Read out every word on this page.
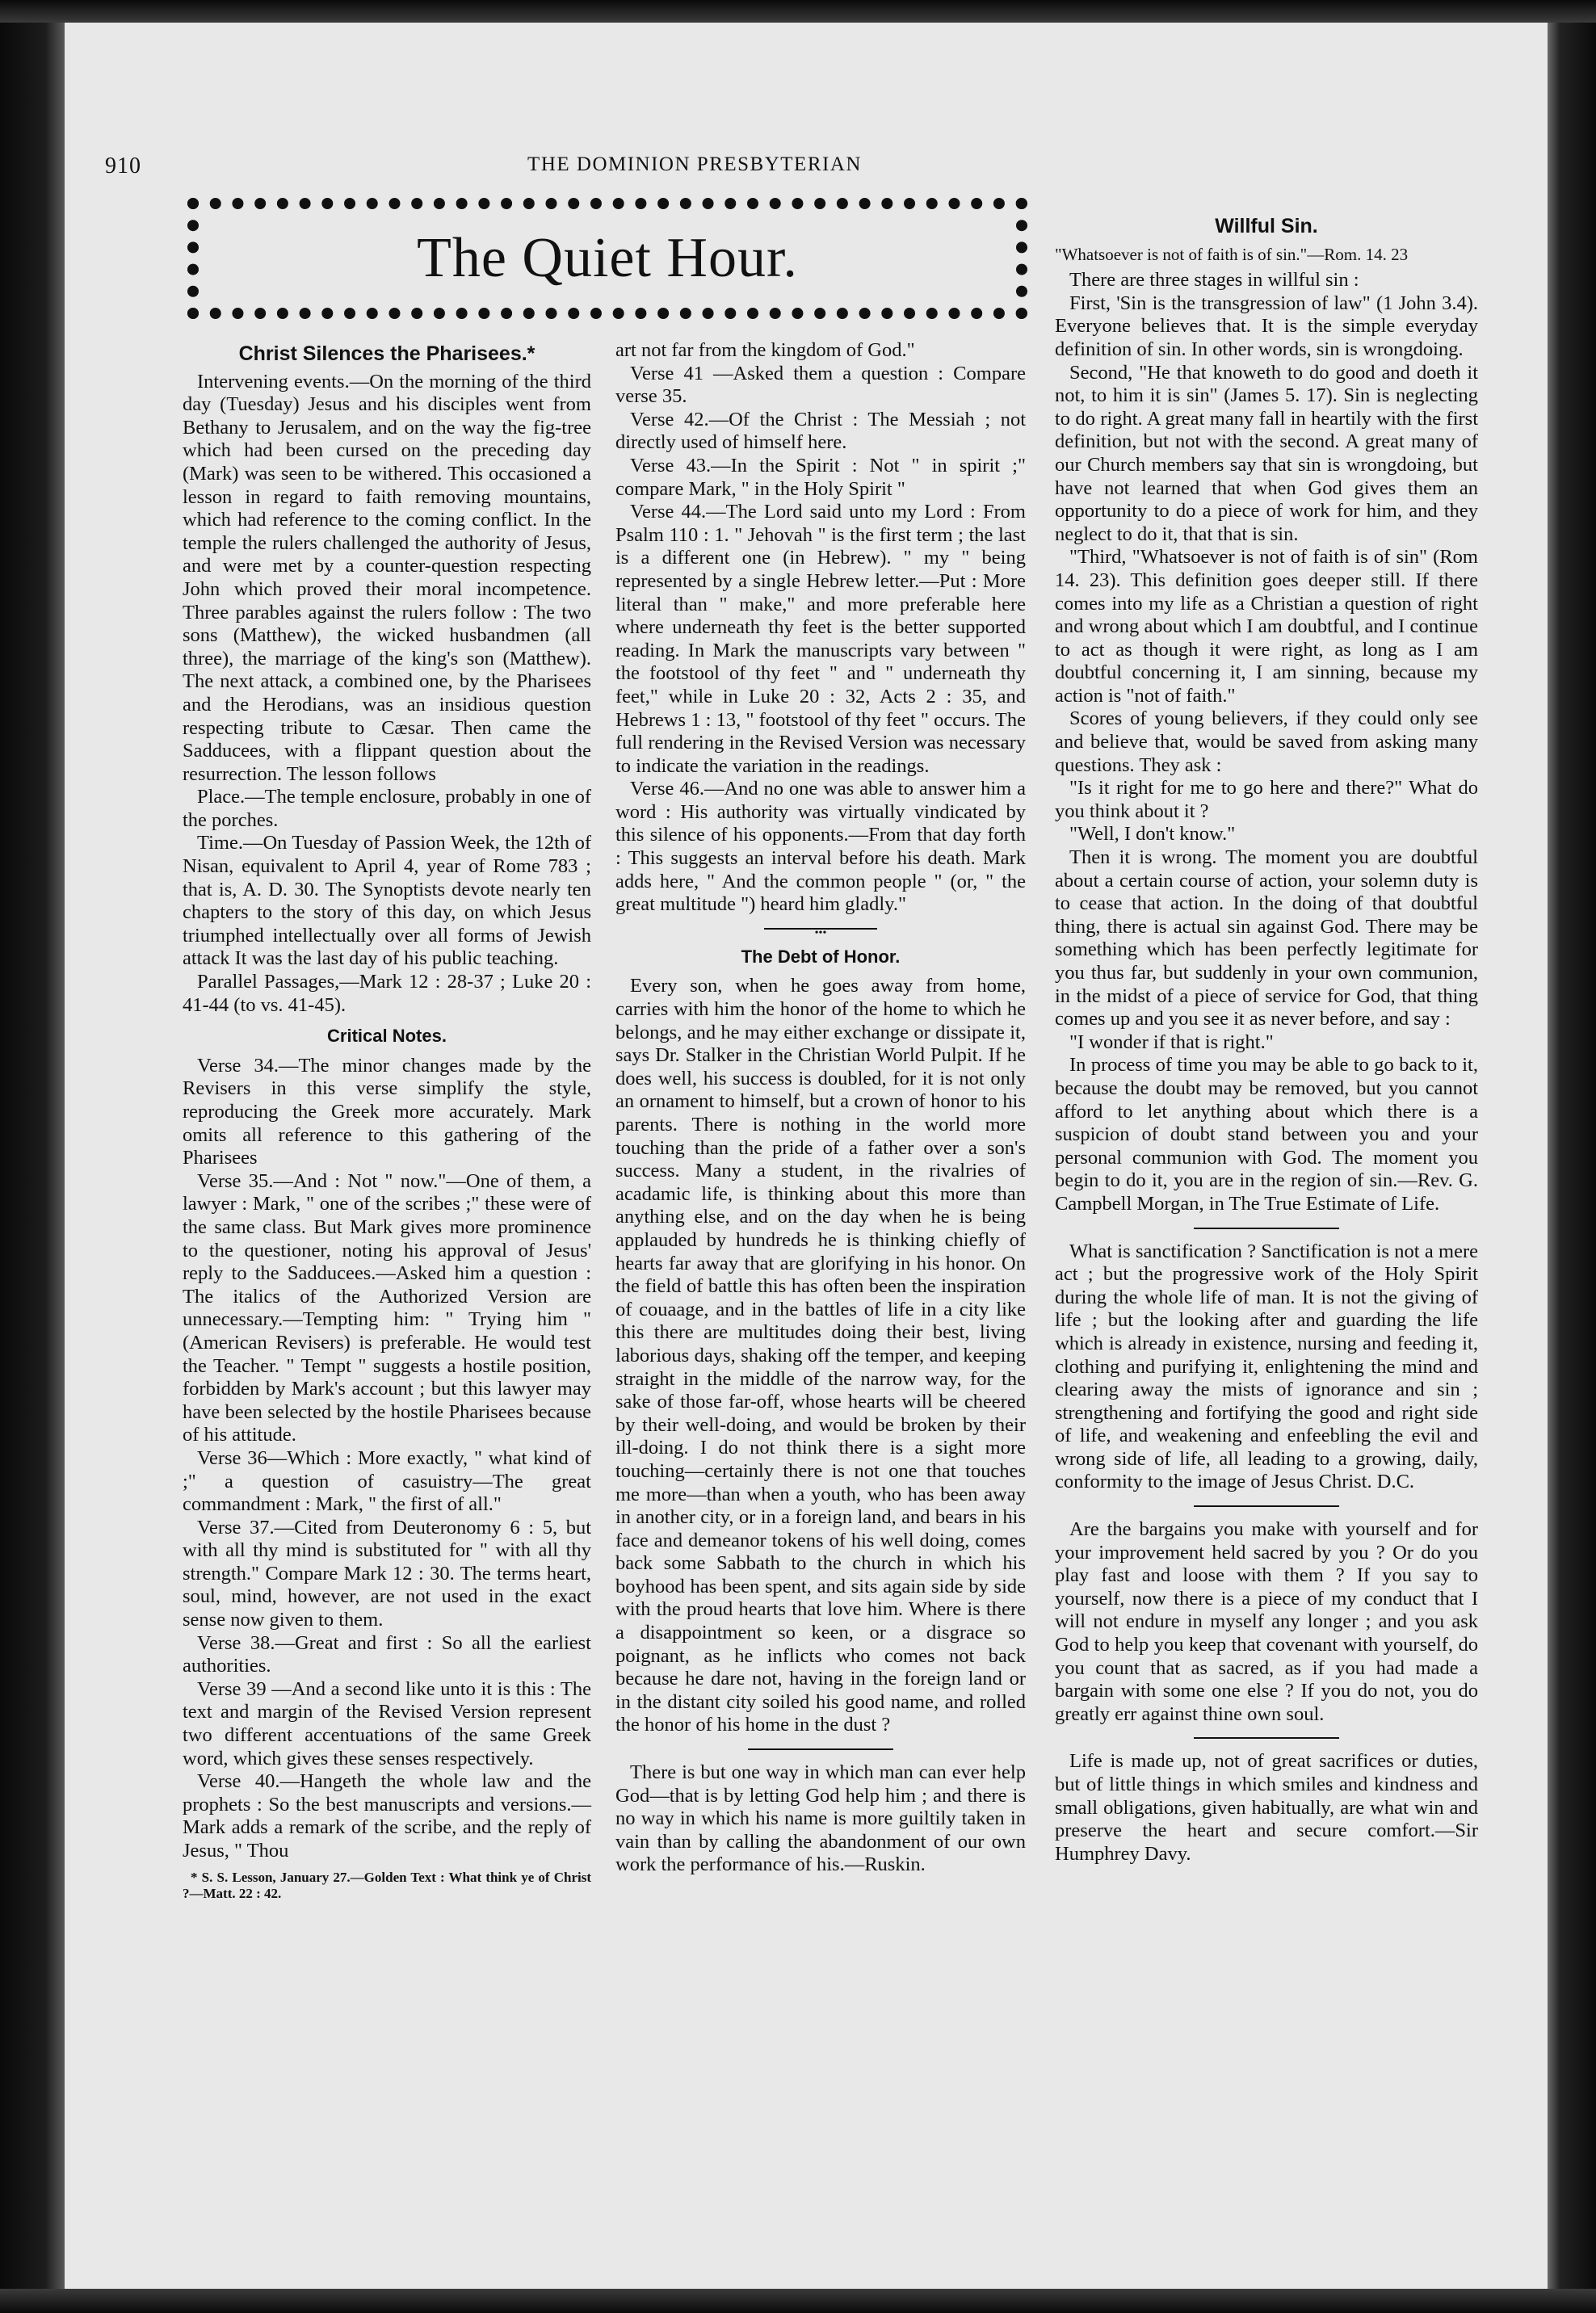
910	THE DOMINION PRESBYTERIAN
The Quiet Hour.
Christ Silences the Pharisees.*

Intervening events.—On the morning of the third day (Tuesday) Jesus and his disciples went from Bethany to Jerusalem, and on the way the fig-tree which had been cursed on the preceding day (Mark) was seen to be withered. This occasioned a lesson in regard to faith removing mountains, which had reference to the coming conflict. In the temple the rulers challenged the authority of Jesus, and were met by a counter-question respecting John which proved their moral incompetence. Three parables against the rulers follow : The two sons (Matthew), the wicked husbandmen (all three), the marriage of the king's son (Matthew). The next attack, a combined one, by the Pharisees and the Herodians, was an insidious question respecting tribute to Cæsar. Then came the Sadducees, with a flippant question about the resurrection. The lesson follows

Place.—The temple enclosure, probably in one of the porches.

Time.—On Tuesday of Passion Week, the 12th of Nisan, equivalent to April 4, year of Rome 783 ; that is, A. D. 30. The Synoptists devote nearly ten chapters to the story of this day, on which Jesus triumphed intellectually over all forms of Jewish attack It was the last day of his public teaching.

Parallel Passages,—Mark 12 : 28-37 ; Luke 20 : 41-44 (to vs. 41-45).

Critical Notes.

Verse 34.—The minor changes made by the Revisers in this verse simplify the style, reproducing the Greek more accurately. Mark omits all reference to this gathering of the Pharisees

Verse 35.—And : Not " now."—One of them, a lawyer : Mark, " one of the scribes ;" these were of the same class. But Mark gives more prominence to the questioner, noting his approval of Jesus' reply to the Sadducees.—Asked him a question : The italics of the Authorized Version are unnecessary.—Tempting him: " Trying him " (American Revisers) is preferable. He would test the Teacher. " Tempt " suggests a hostile position, forbidden by Mark's account ; but this lawyer may have been selected by the hostile Pharisees because of his attitude.

Verse 36—Which : More exactly, " what kind of ;" a question of casuistry—The great commandment : Mark, " the first of all."

Verse 37.—Cited from Deuteronomy 6 : 5, but with all thy mind is substituted for " with all thy strength." Compare Mark 12 : 30. The terms heart, soul, mind, however, are not used in the exact sense now given to them.

Verse 38.—Great and first : So all the earliest authorities.

Verse 39 —And a second like unto it is this : The text and margin of the Revised Version represent two different accentuations of the same Greek word, which gives these senses respectively.

Verse 40.—Hangeth the whole law and the prophets : So the best manuscripts and versions.—Mark adds a remark of the scribe, and the reply of Jesus, " Thou

* S. S. Lesson, January 27.—Golden Text : What think ye of Christ ?—Matt. 22 : 42.

art not far from the kingdom of God."

Verse 41 —Asked them a question : Compare verse 35.

Verse 42.—Of the Christ : The Messiah ; not directly used of himself here.

Verse 43.—In the Spirit : Not " in spirit ;" compare Mark, " in the Holy Spirit "

Verse 44.—The Lord said unto my Lord : From Psalm 110 : 1. " Jehovah " is the first term ; the last is a different one (in Hebrew). " my " being represented by a single Hebrew letter.—Put : More literal than " make," and more preferable here where underneath thy feet is the better supported reading. In Mark the manuscripts vary between " the footstool of thy feet " and " underneath thy feet," while in Luke 20 : 32, Acts 2 : 35, and Hebrews 1 : 13, " footstool of thy feet " occurs. The full rendering in the Revised Version was necessary to indicate the variation in the readings.

Verse 46.—And no one was able to answer him a word : His authority was virtually vindicated by this silence of his opponents.—From that day forth : This suggests an interval before his death. Mark adds here, " And the common people " (or, " the great multitude ") heard him gladly."

•••
The Debt of Honor.

Every son, when he goes away from home, carries with him the honor of the home to which he belongs, and he may either exchange or dissipate it, says Dr. Stalker in the Christian World Pulpit. If he does well, his success is doubled, for it is not only an ornament to himself, but a crown of honor to his parents. There is nothing in the world more touching than the pride of a father over a son's success. Many a student, in the rivalries of acadamic life, is thinking about this more than anything else, and on the day when he is being applauded by hundreds he is thinking chiefly of hearts far away that are glorifying in his honor. On the field of battle this has often been the inspiration of couaage, and in the battles of life in a city like this there are multitudes doing their best, living laborious days, shaking off the temper, and keeping straight in the middle of the narrow way, for the sake of those far-off, whose hearts will be cheered by their well-doing, and would be broken by their ill-doing. I do not think there is a sight more touching—certainly there is not one that touches me more—than when a youth, who has been away in another city, or in a foreign land, and bears in his face and demeanor tokens of his well doing, comes back some Sabbath to the church in which his boyhood has been spent, and sits again side by side with the proud hearts that love him. Where is there a disappointment so keen, or a disgrace so poignant, as he inflicts who comes not back because he dare not, having in the foreign land or in the distant city soiled his good name, and rolled the honor of his home in the dust ?

There is but one way in which man can ever help God—that is by letting God help him ; and there is no way in which his name is more guiltily taken in vain than by calling the abandonment of our own work the performance of his.—Ruskin.

Willful Sin.

"Whatsoever is not of faith is of sin."—Rom. 14. 23

There are three stages in willful sin :

First, 'Sin is the transgression of law" (1 John 3.4). Everyone believes that. It is the simple everyday definition of sin. In other words, sin is wrongdoing.

Second, "He that knoweth to do good and doeth it not, to him it is sin" (James 5. 17). Sin is neglecting to do right. A great many fall in heartily with the first definition, but not with the second. A great many of our Church members say that sin is wrongdoing, but have not learned that when God gives them an opportunity to do a piece of work for him, and they neglect to do it, that that is sin.

"Third, "Whatsoever is not of faith is of sin" (Rom 14. 23). This definition goes deeper still. If there comes into my life as a Christian a question of right and wrong about which I am doubtful, and I continue to act as though it were right, as long as I am doubtful concerning it, I am sinning, because my action is "not of faith."

Scores of young believers, if they could only see and believe that, would be saved from asking many questions. They ask :

"Is it right for me to go here and there?" What do you think about it ?

"Well, I don't know."

Then it is wrong. The moment you are doubtful about a certain course of action, your solemn duty is to cease that action. In the doing of that doubtful thing, there is actual sin against God. There may be something which has been perfectly legitimate for you thus far, but suddenly in your own communion, in the midst of a piece of service for God, that thing comes up and you see it as never before, and say :

"I wonder if that is right."

In process of time you may be able to go back to it, because the doubt may be removed, but you cannot afford to let anything about which there is a suspicion of doubt stand between you and your personal communion with God. The moment you begin to do it, you are in the region of sin.—Rev. G. Campbell Morgan, in The True Estimate of Life.

What is sanctification ? Sanctification is not a mere act ; but the progressive work of the Holy Spirit during the whole life of man. It is not the giving of life ; but the looking after and guarding the life which is already in existence, nursing and feeding it, clothing and purifying it, enlightening the mind and clearing away the mists of ignorance and sin ; strengthening and fortifying the good and right side of life, and weakening and enfeebling the evil and wrong side of life, all leading to a growing, daily, conformity to the image of Jesus Christ. D.C.

Are the bargains you make with yourself and for your improvement held sacred by you ? Or do you play fast and loose with them ? If you say to yourself, now there is a piece of my conduct that I will not endure in myself any longer ; and you ask God to help you keep that covenant with yourself, do you count that as sacred, as if you had made a bargain with some one else ? If you do not, you do greatly err against thine own soul.

Life is made up, not of great sacrifices or duties, but of little things in which smiles and kindness and small obligations, given habitually, are what win and preserve the heart and secure comfort.—Sir Humphrey Davy.
